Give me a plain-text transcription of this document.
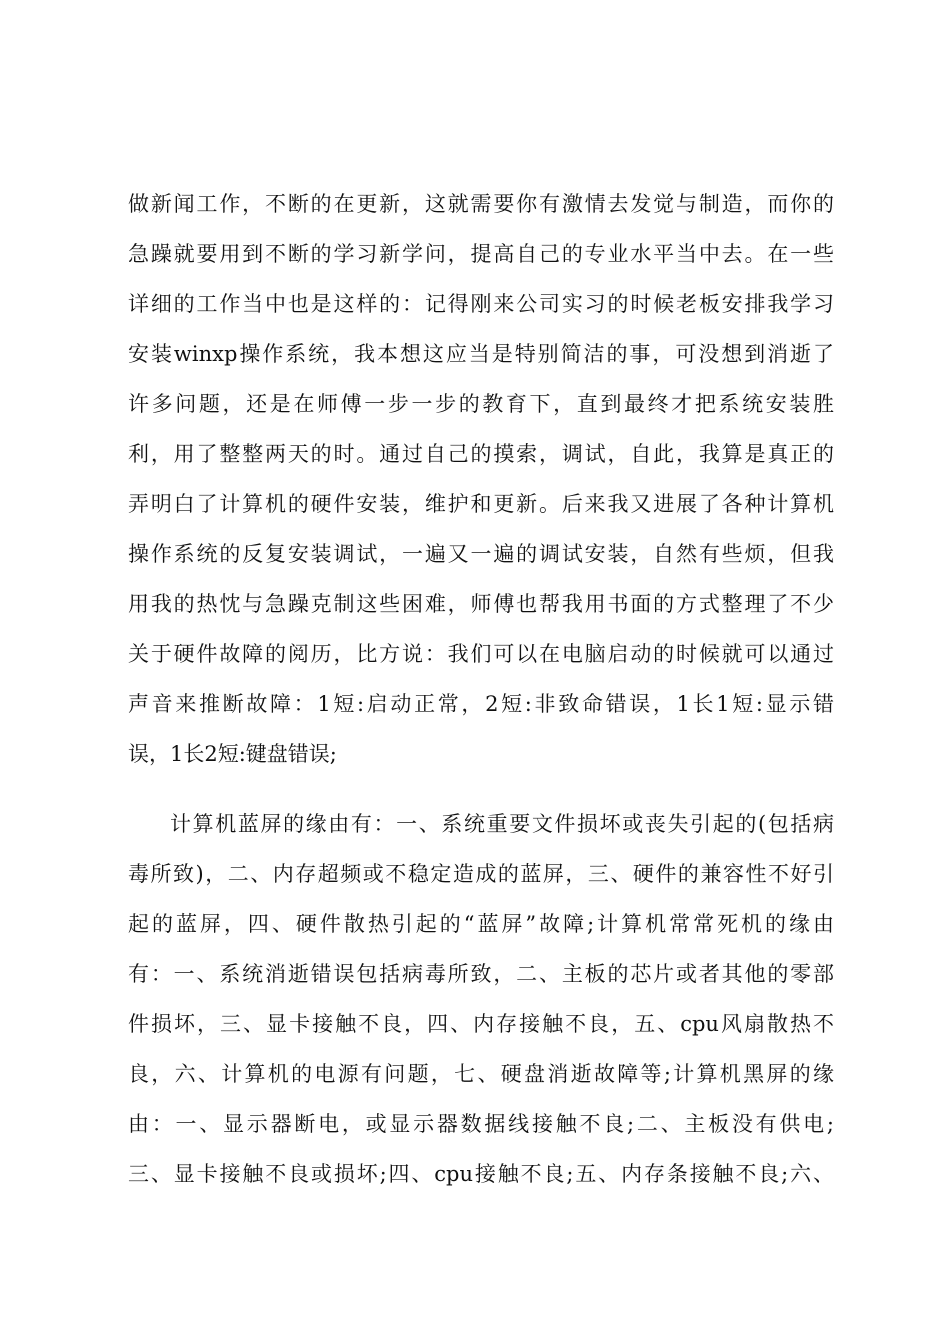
做新闻工作，不断的在更新，这就需要你有激情去发觉与制造，而你的
急躁就要用到不断的学习新学问，提高自己的专业水平当中去。在一些
详细的工作当中也是这样的：记得刚来公司实习的时候老板安排我学习
安装winxp操作系统，我本想这应当是特别简洁的事，可没想到消逝了
许多问题，还是在师傅一步一步的教育下，直到最终才把系统安装胜
利，用了整整两天的时。通过自己的摸索，调试，自此，我算是真正的
弄明白了计算机的硬件安装，维护和更新。后来我又进展了各种计算机
操作系统的反复安装调试，一遍又一遍的调试安装，自然有些烦，但我
用我的热忱与急躁克制这些困难，师傅也帮我用书面的方式整理了不少
关于硬件故障的阅历，比方说：我们可以在电脑启动的时候就可以通过
声音来推断故障：1短:启动正常，2短:非致命错误，1长1短:显示错
误，1长2短:键盘错误;
计算机蓝屏的缘由有：一、系统重要文件损坏或丧失引起的(包括病
毒所致)，二、内存超频或不稳定造成的蓝屏，三、硬件的兼容性不好引
起的蓝屏，四、硬件散热引起的“蓝屏”故障;计算机常常死机的缘由
有：一、系统消逝错误包括病毒所致，二、主板的芯片或者其他的零部
件损坏，三、显卡接触不良，四、内存接触不良，五、cpu风扇散热不
良，六、计算机的电源有问题，七、硬盘消逝故障等;计算机黑屏的缘
由：一、显示器断电，或显示器数据线接触不良;二、主板没有供电;
三、显卡接触不良或损坏;四、cpu接触不良;五、内存条接触不良;六、
